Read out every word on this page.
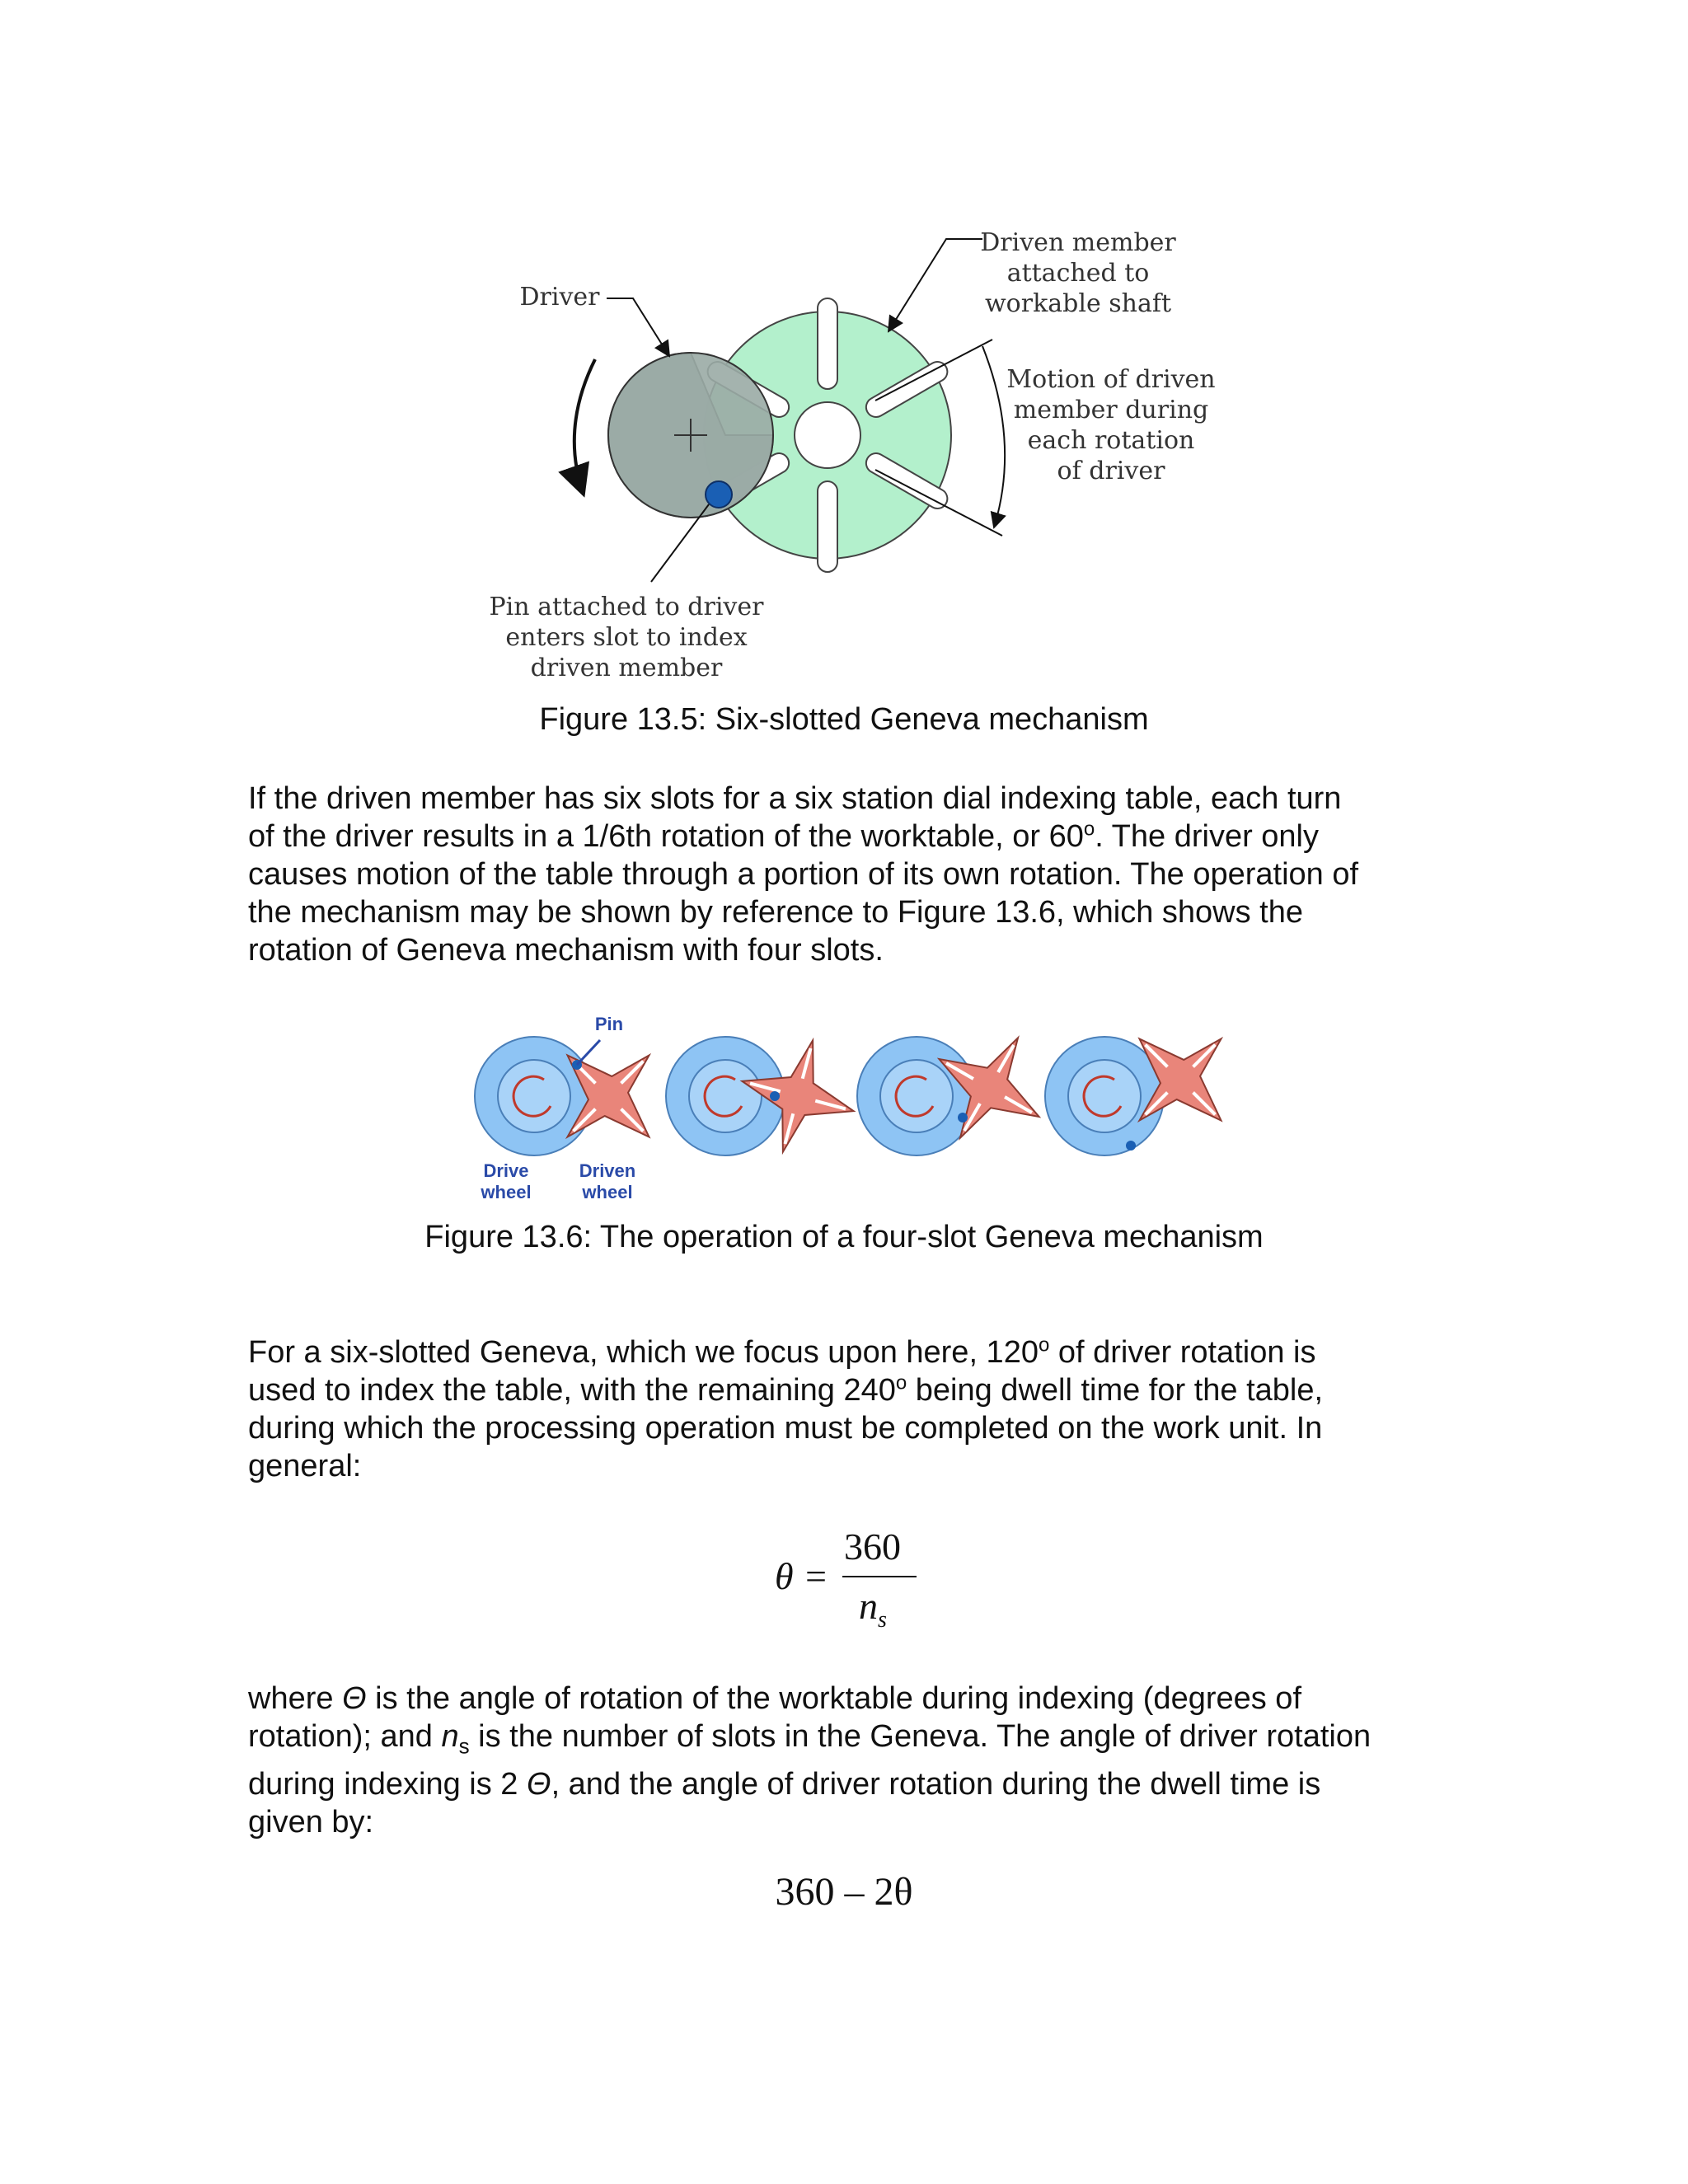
Driver
Driven member
attached to
workable shaft
Motion of driven
member during
each rotation
of driver
Pin attached to driver
enters slot to index
driven member
Figure 13.5: Six-slotted Geneva mechanism
If the driven member has six slots for a six station dial indexing table, each turn
of the driver results in a 1/6th rotation of the worktable, or 60$^o$. The driver only
causes motion of the table through a portion of its own rotation. The operation of
the mechanism may be shown by reference to Figure 13.6, which shows the
rotation of Geneva mechanism with four slots.
Pin
Drive
wheel
Driven
wheel
Figure 13.6: The operation of a four-slot Geneva mechanism
For a six-slotted Geneva, which we focus upon here, 120$^o$ of driver rotation is
used to index the table, with the remaining 240$^o$ being dwell time for the table,
during which the processing operation must be completed on the work unit. In
general:
θ =
360
$n_s$
where Θ is the angle of rotation of the worktable during indexing (degrees of
rotation); and $n_s$ is the number of slots in the Geneva. The angle of driver rotation
during indexing is 2 Θ, and the angle of driver rotation during the dwell time is
given by:
360 – 2θ
